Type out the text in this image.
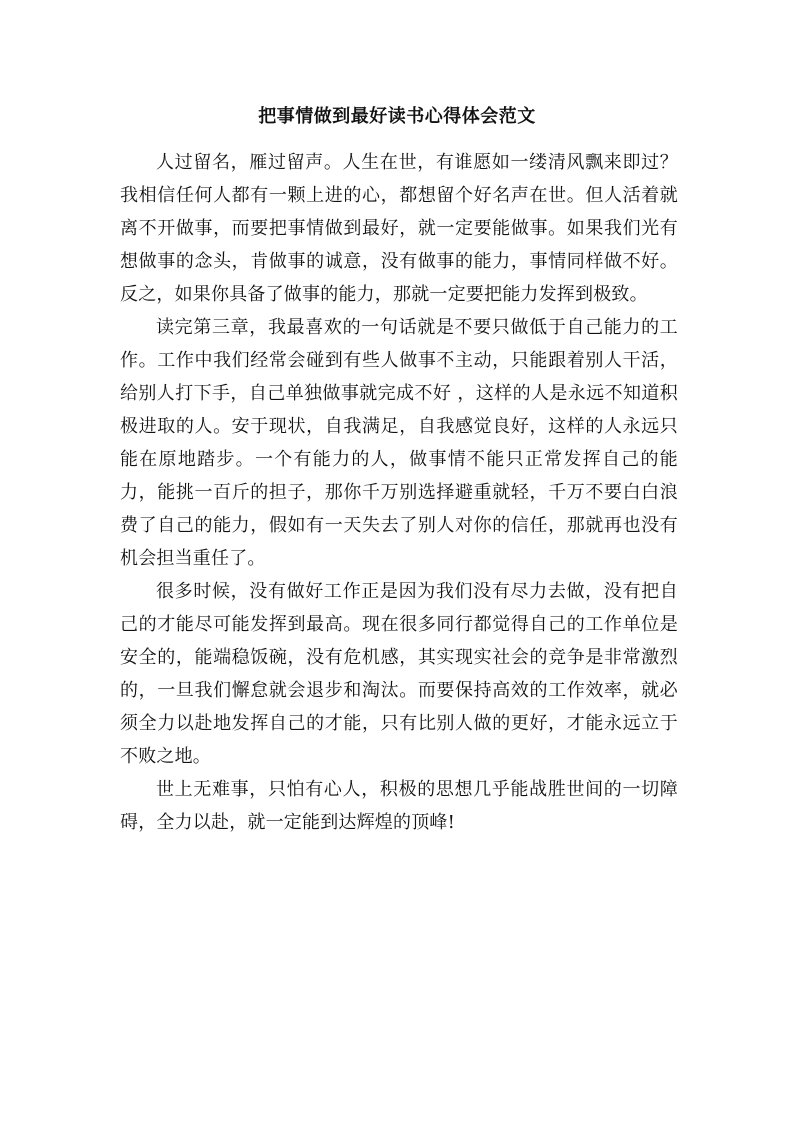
把事情做到最好读书心得体会范文

人过留名，雁过留声。人生在世，有谁愿如一缕清风飘来即过？我相信任何人都有一颗上进的心，都想留个好名声在世。但人活着就离不开做事，而要把事情做到最好，就一定要能做事。如果我们光有想做事的念头，肯做事的诚意，没有做事的能力，事情同样做不好。反之，如果你具备了做事的能力，那就一定要把能力发挥到极致。

读完第三章，我最喜欢的一句话就是不要只做低于自己能力的工作。工作中我们经常会碰到有些人做事不主动，只能跟着别人干活，给别人打下手，自己单独做事就完成不好 ，这样的人是永远不知道积极进取的人。安于现状，自我满足，自我感觉良好，这样的人永远只能在原地踏步。一个有能力的人，做事情不能只正常发挥自己的能力，能挑一百斤的担子，那你千万别选择避重就轻，千万不要白白浪费了自己的能力，假如有一天失去了别人对你的信任，那就再也没有机会担当重任了。

很多时候，没有做好工作正是因为我们没有尽力去做，没有把自己的才能尽可能发挥到最高。现在很多同行都觉得自己的工作单位是安全的，能端稳饭碗，没有危机感，其实现实社会的竞争是非常激烈的，一旦我们懈怠就会退步和淘汰。而要保持高效的工作效率，就必须全力以赴地发挥自己的才能，只有比别人做的更好，才能永远立于不败之地。

世上无难事，只怕有心人，积极的思想几乎能战胜世间的一切障碍，全力以赴，就一定能到达辉煌的顶峰!
